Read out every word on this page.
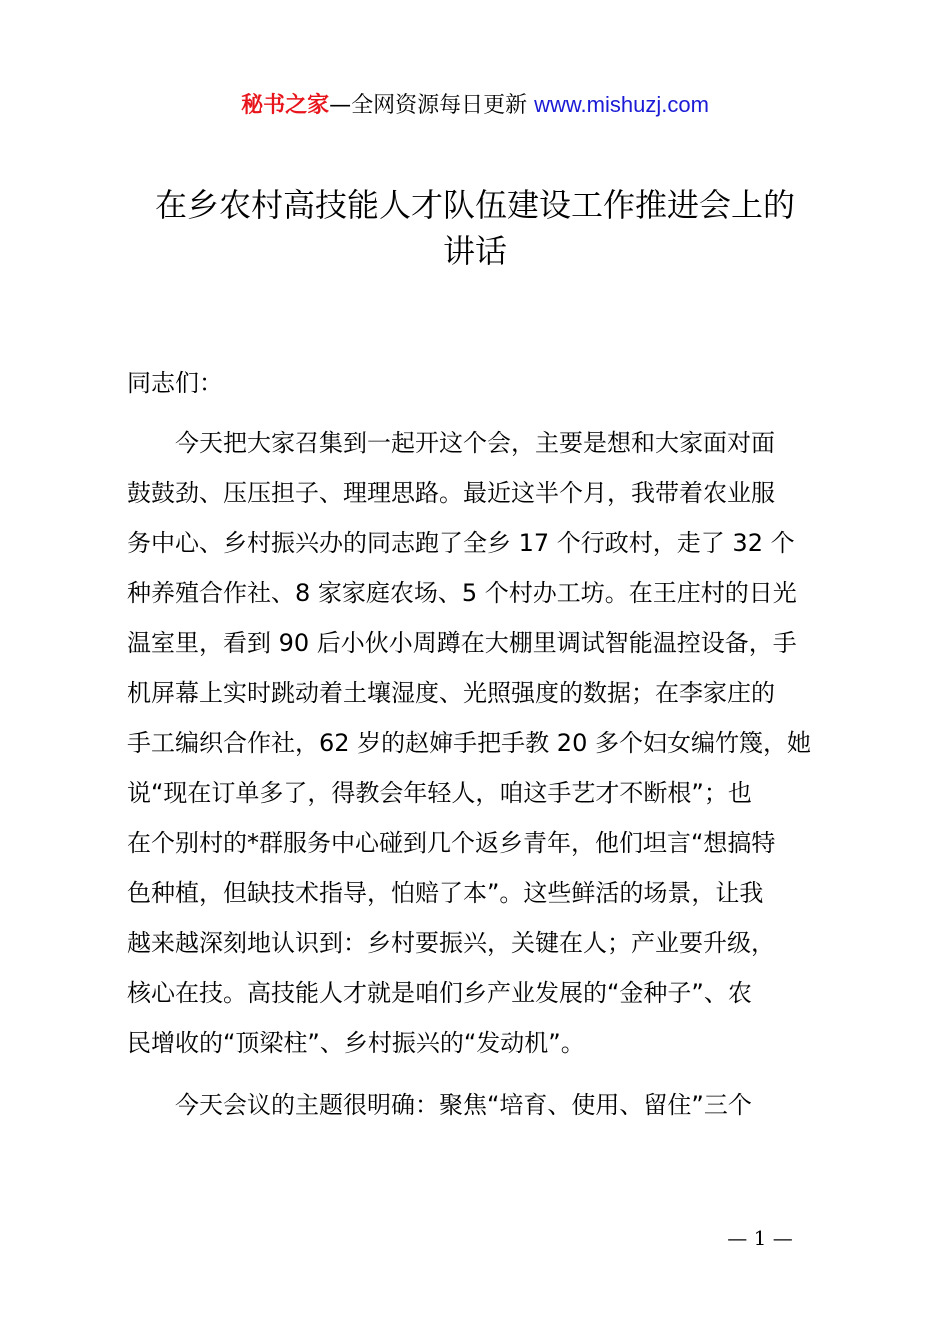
秘书之家—全网资源每日更新 www.mishuzj.com
在乡农村高技能人才队伍建设工作推进会上的
讲话
同志们：
今天把大家召集到一起开这个会，主要是想和大家面对面
鼓鼓劲、压压担子、理理思路。最近这半个月，我带着农业服
务中心、乡村振兴办的同志跑了全乡 17 个行政村，走了 32 个
种养殖合作社、8 家家庭农场、5 个村办工坊。在王庄村的日光
温室里，看到 90 后小伙小周蹲在大棚里调试智能温控设备，手
机屏幕上实时跳动着土壤湿度、光照强度的数据；在李家庄的
手工编织合作社，62 岁的赵婶手把手教 20 多个妇女编竹篾，她
说“现在订单多了，得教会年轻人，咱这手艺才不断根”；也
在个别村的*群服务中心碰到几个返乡青年，他们坦言“想搞特
色种植，但缺技术指导，怕赔了本”。这些鲜活的场景，让我
越来越深刻地认识到：乡村要振兴，关键在人；产业要升级，
核心在技。高技能人才就是咱们乡产业发展的“金种子”、农
民增收的“顶梁柱”、乡村振兴的“发动机”。
今天会议的主题很明确：聚焦“培育、使用、留住”三个
— 1 —
